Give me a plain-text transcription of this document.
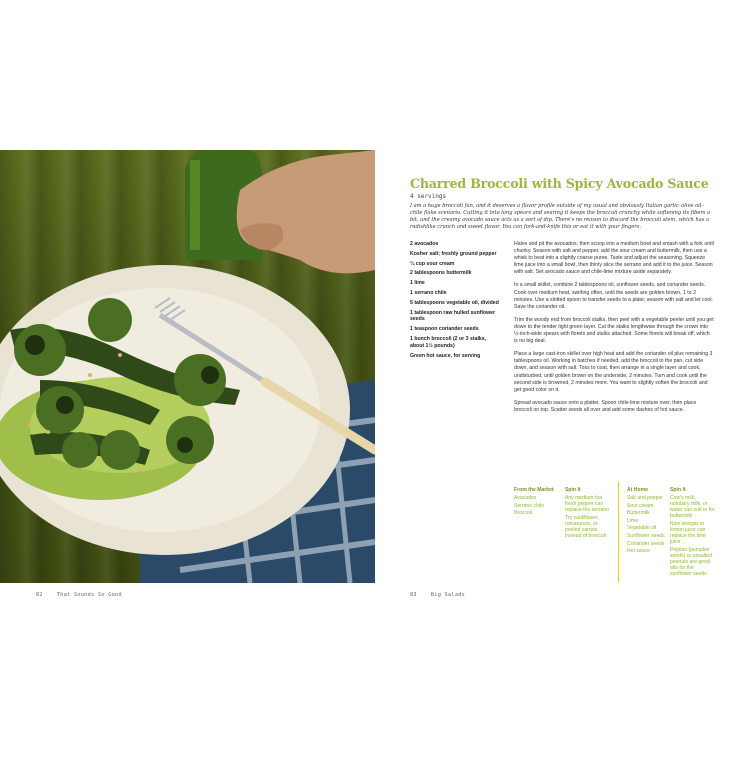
Charred Broccoli with Spicy Avocado Sauce
4 servings
I am a huge broccoli fan, and it deserves a flavor profile outside of my usual and obviously Italian garlic–olive oil–chile flake scenario. Cutting it into long spears and searing it keeps the broccoli crunchy while softening its fibers a bit, and the creamy avocado sauce acts as a sort of dip. There's no reason to discard the broccoli stem, which has a radishlike crunch and sweet flavor. You can fork-and-knife this or eat it with your fingers.
2 avocados
Kosher salt; freshly ground pepper
¼ cup sour cream
2 tablespoons buttermilk
1 lime
1 serrano chile
5 tablespoons vegetable oil, divided
1 tablespoon raw hulled sunflower seeds
1 teaspoon coriander seeds
1 bunch broccoli (2 or 3 stalks, about 1½ pounds)
Green hot sauce, for serving

Halve and pit the avocados, then scoop into a medium bowl and smash with a fork until chunky. Season with salt and pepper, add the sour cream and buttermilk, then use a whisk to beat into a slightly coarse puree. Taste and adjust the seasoning. Squeeze lime juice into a small bowl, then thinly slice the serrano and add it to the juice. Season with salt. Set avocado sauce and chile-lime mixture aside separately.

In a small skillet, combine 2 tablespoons oil, sunflower seeds, and coriander seeds. Cook over medium heat, swirling often, until the seeds are golden brown, 1 to 2 minutes. Use a slotted spoon to transfer seeds to a plate; season with salt and let cool. Save the coriander oil.

Trim the woody end from broccoli stalks, then peel with a vegetable peeler until you get down to the tender light green layer. Cut the stalks lengthwise through the crown into ½-inch-wide spears with florets and stalks attached. Some florets will break off, which is no big deal.

Place a large cast-iron skillet over high heat and add the coriander oil plus remaining 3 tablespoons oil. Working in batches if needed, add the broccoli to the pan, cut side down, and season with salt. Toss to coat, then arrange in a single layer and cook, undisturbed, until golden brown on the underside, 2 minutes. Turn and cook until the second side is browned, 2 minutes more. You want to slightly soften the broccoli and get good color on it.

Spread avocado sauce onto a platter. Spoon chile-lime mixture over, then place broccoli on top. Scatter seeds all over and add some dashes of hot sauce.

From the Market
Avocados
Serrano chile
Broccoli
Spin It
Any medium-hot fresh pepper can replace the serrano
Try cauliflower, romanesco, or peeled carrots instead of broccoli
At Home
Salt and pepper
Sour cream
Buttermilk
Lime
Vegetable oil
Sunflower seeds
Coriander seeds
Hot sauce
Spin It
Cow's milk, nondairy milk, or water can sub in for buttermilk
Rice vinegar or lemon juice can replace the lime juice
Pepitas (pumpkin seeds) or unsalted peanuts are good alts for the sunflower seeds
82	That Sounds So Good	83	Big Salads
